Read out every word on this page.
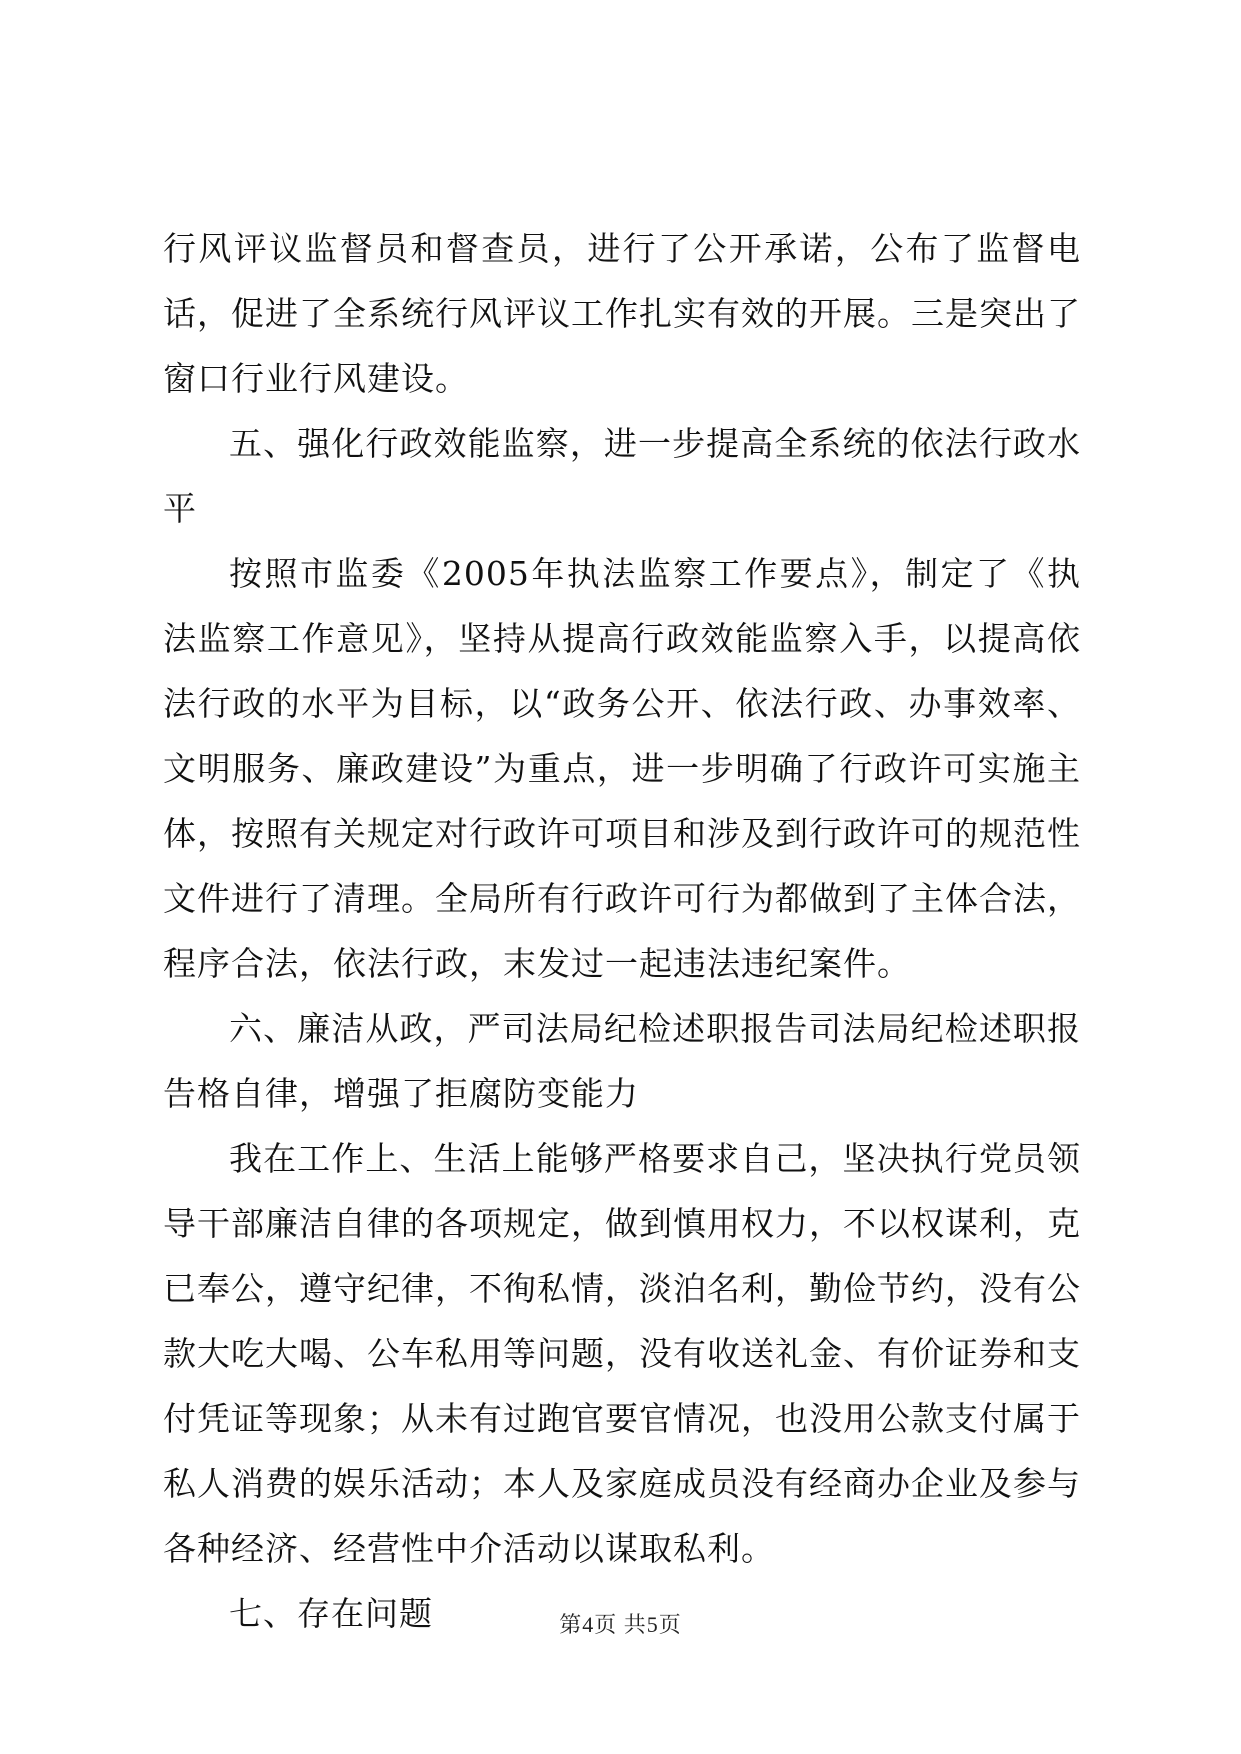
行风评议监督员和督查员，进行了公开承诺，公布了监督电话，促进了全系统行风评议工作扎实有效的开展。三是突出了窗口行业行风建设。

五、强化行政效能监察，进一步提高全系统的依法行政水平

按照市监委《2005年执法监察工作要点》，制定了《执法监察工作意见》，坚持从提高行政效能监察入手，以提高依法行政的水平为目标，以“政务公开、依法行政、办事效率、文明服务、廉政建设”为重点，进一步明确了行政许可实施主体，按照有关规定对行政许可项目和涉及到行政许可的规范性文件进行了清理。全局所有行政许可行为都做到了主体合法，程序合法，依法行政，末发过一起违法违纪案件。

六、廉洁从政，严司法局纪检述职报告司法局纪检述职报告格自律，增强了拒腐防变能力

我在工作上、生活上能够严格要求自己，坚决执行党员领导干部廉洁自律的各项规定，做到慎用权力，不以权谋利，克已奉公，遵守纪律，不徇私情，淡泊名利，勤俭节约，没有公款大吃大喝、公车私用等问题，没有收送礼金、有价证券和支付凭证等现象；从未有过跑官要官情况，也没用公款支付属于私人消费的娱乐活动；本人及家庭成员没有经商办企业及参与各种经济、经营性中介活动以谋取私利。

七、存在问题	第4页 共5页
